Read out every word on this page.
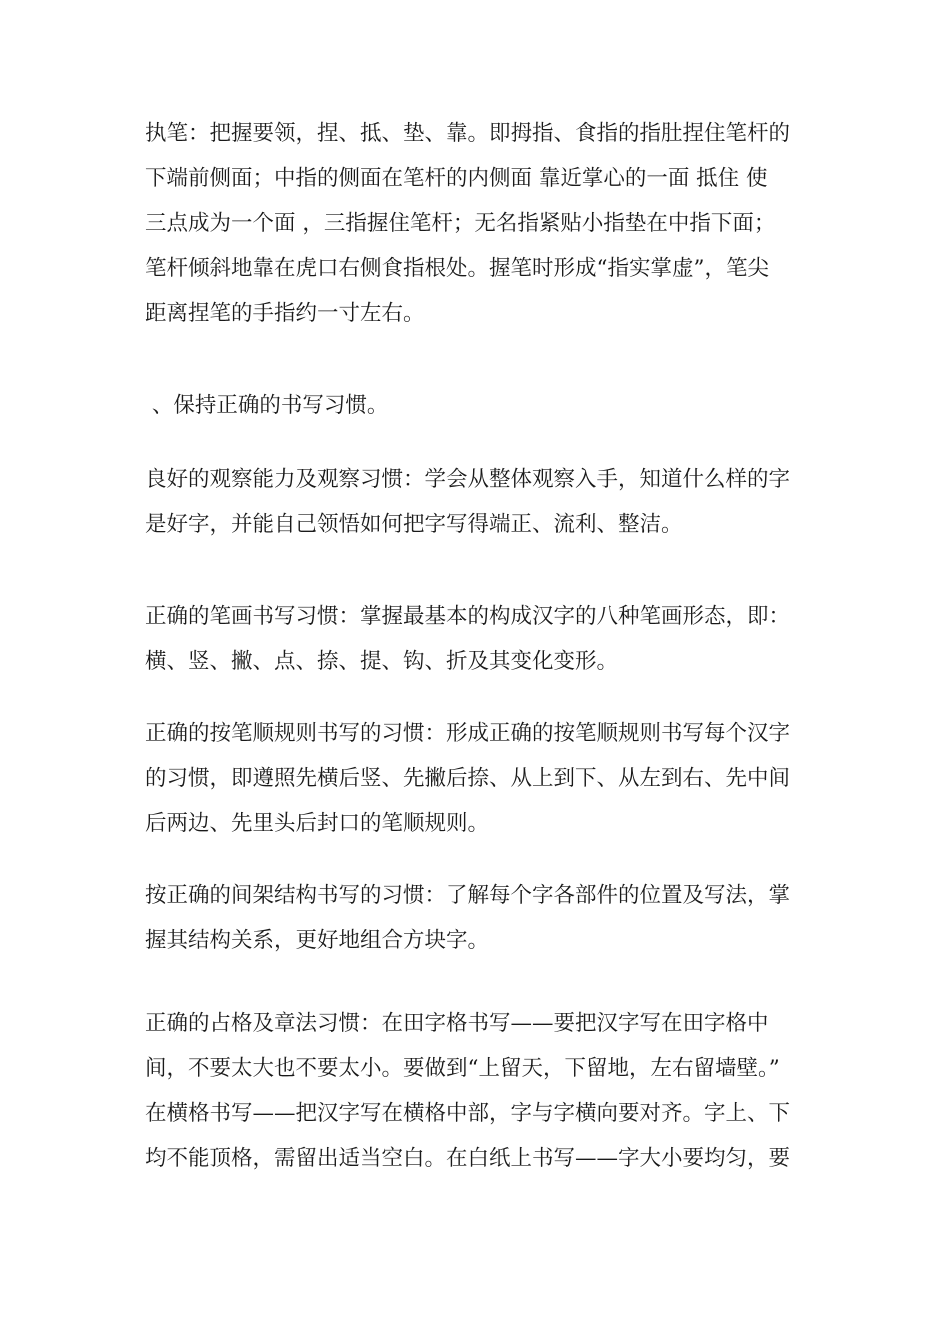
执笔：把握要领，捏、抵、垫、靠。即拇指、食指的指肚捏住笔杆的
下端前侧面；中指的侧面在笔杆的内侧面 靠近掌心的一面 抵住 使
三点成为一个面 ，三指握住笔杆；无名指紧贴小指垫在中指下面；
笔杆倾斜地靠在虎口右侧食指根处。握笔时形成“指实掌虚”，笔尖
距离捏笔的手指约一寸左右。

、保持正确的书写习惯。

良好的观察能力及观察习惯：学会从整体观察入手，知道什么样的字
是好字，并能自己领悟如何把字写得端正、流利、整洁。

正确的笔画书写习惯：掌握最基本的构成汉字的八种笔画形态，即：
横、竖、撇、点、捺、提、钩、折及其变化变形。

正确的按笔顺规则书写的习惯：形成正确的按笔顺规则书写每个汉字
的习惯，即遵照先横后竖、先撇后捺、从上到下、从左到右、先中间
后两边、先里头后封口的笔顺规则。

按正确的间架结构书写的习惯：了解每个字各部件的位置及写法，掌
握其结构关系，更好地组合方块字。

正确的占格及章法习惯：在田字格书写——要把汉字写在田字格中
间，不要太大也不要太小。要做到“上留天，下留地，左右留墙壁。”
在横格书写——把汉字写在横格中部，字与字横向要对齐。字上、下
均不能顶格，需留出适当空白。在白纸上书写——字大小要均匀，要
